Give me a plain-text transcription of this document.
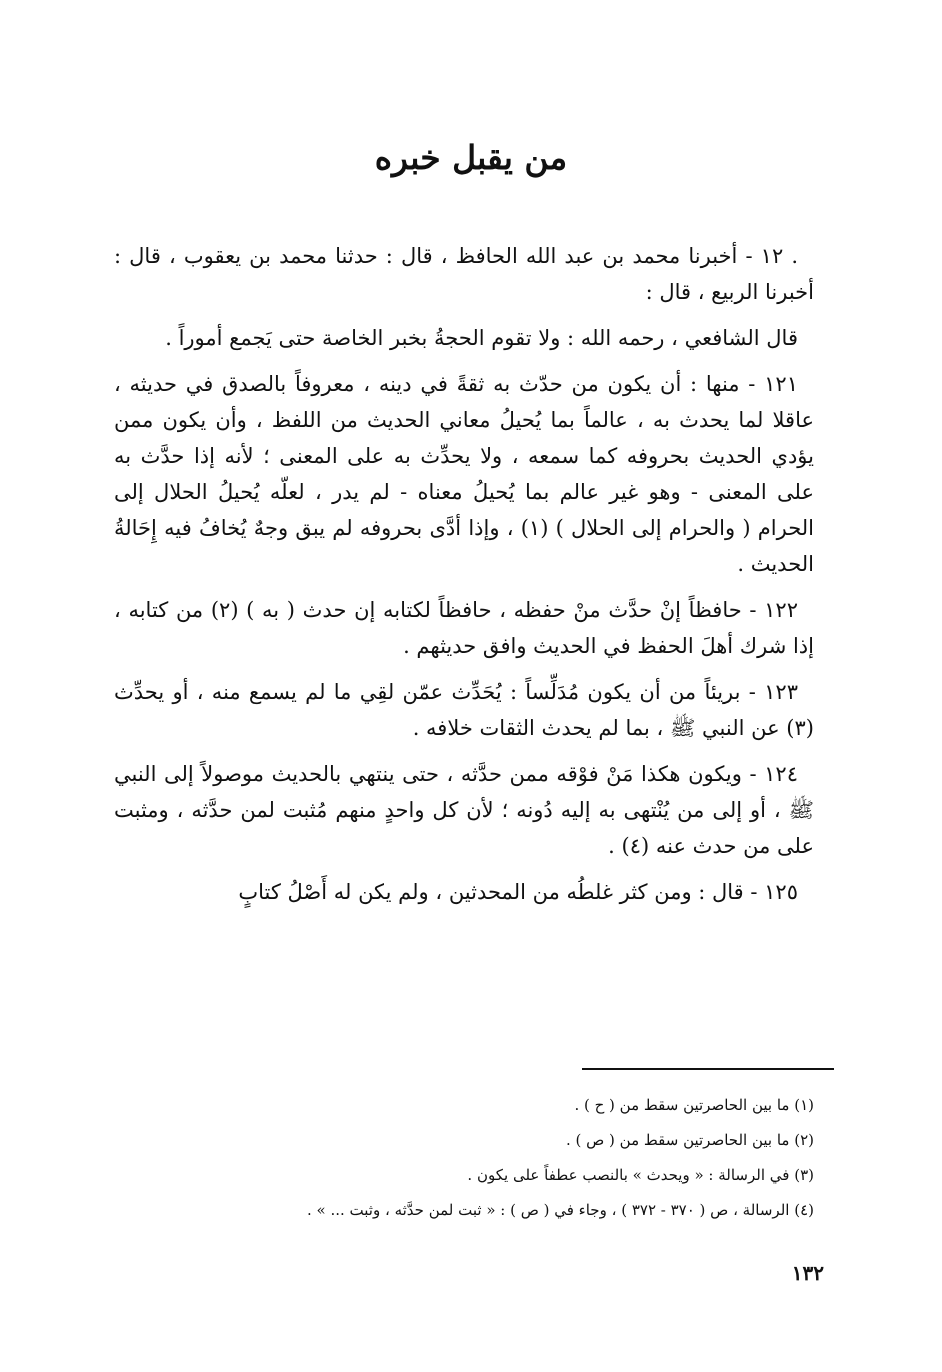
من يقبل خبره

. ١٢ - أخبرنا محمد بن عبد الله الحافظ ، قال : حدثنا محمد بن يعقوب ، قال : أخبرنا الربيع ، قال :

قال الشافعي ، رحمه الله : ولا تقوم الحجةُ بخبر الخاصة حتى يَجمع أموراً .

١٢١ - منها : أن يكون من حدّث به ثقةً في دينه ، معروفاً بالصدق في حديثه ، عاقلا لما يحدث به ، عالماً بما يُحيلُ معاني الحديث من اللفظ ، وأن يكون ممن يؤدي الحديث بحروفه كما سمعه ، ولا يحدِّث به على المعنى ؛ لأنه إذا حدَّث به على المعنى - وهو غير عالم بما يُحيلُ معناه - لم يدر ، لعلّه يُحيلُ الحلال إلى الحرام ( والحرام إلى الحلال ) (١) ، وإذا أدَّى بحروفه لم يبق وجهٌ يُخافُ فيه إِحَالةُ الحديث .

١٢٢ - حافظاً إنْ حدَّث منْ حفظه ، حافظاً لكتابه إن حدث ( به ) (٢) من كتابه ، إذا شرك أهلَ الحفظ في الحديث وافق حديثهم .

١٢٣ - بريئاً من أن يكون مُدَلِّساً : يُحَدِّث عمّن لقِي ما لم يسمع منه ، أو يحدِّث (٣) عن النبي ﷺ ، بما لم يحدث الثقات خلافه .

١٢٤ - ويكون هكذا مَنْ فوْقه ممن حدَّثه ، حتى ينتهي بالحديث موصولاً إلى النبي ﷺ ، أو إلى من يُنْتهى به إليه دُونه ؛ لأن كل واحدٍ منهم مُثبت لمن حدَّثه ، ومثبت على من حدث عنه (٤) .

١٢٥ - قال : ومن كثر غلطُه من المحدثين ، ولم يكن له أَصْلُ كتابٍ

(١) ما بين الحاصرتين سقط من ( ح ) .

(٢) ما بين الحاصرتين سقط من ( ص ) .

(٣) في الرسالة : « ويحدث » بالنصب عطفاً على يكون .

(٤) الرسالة ، ص ( ٣٧٠ - ٣٧٢ ) ، وجاء في ( ص ) : « ثبت لمن حدَّثه ، وثبت ... » .

١٣٢
